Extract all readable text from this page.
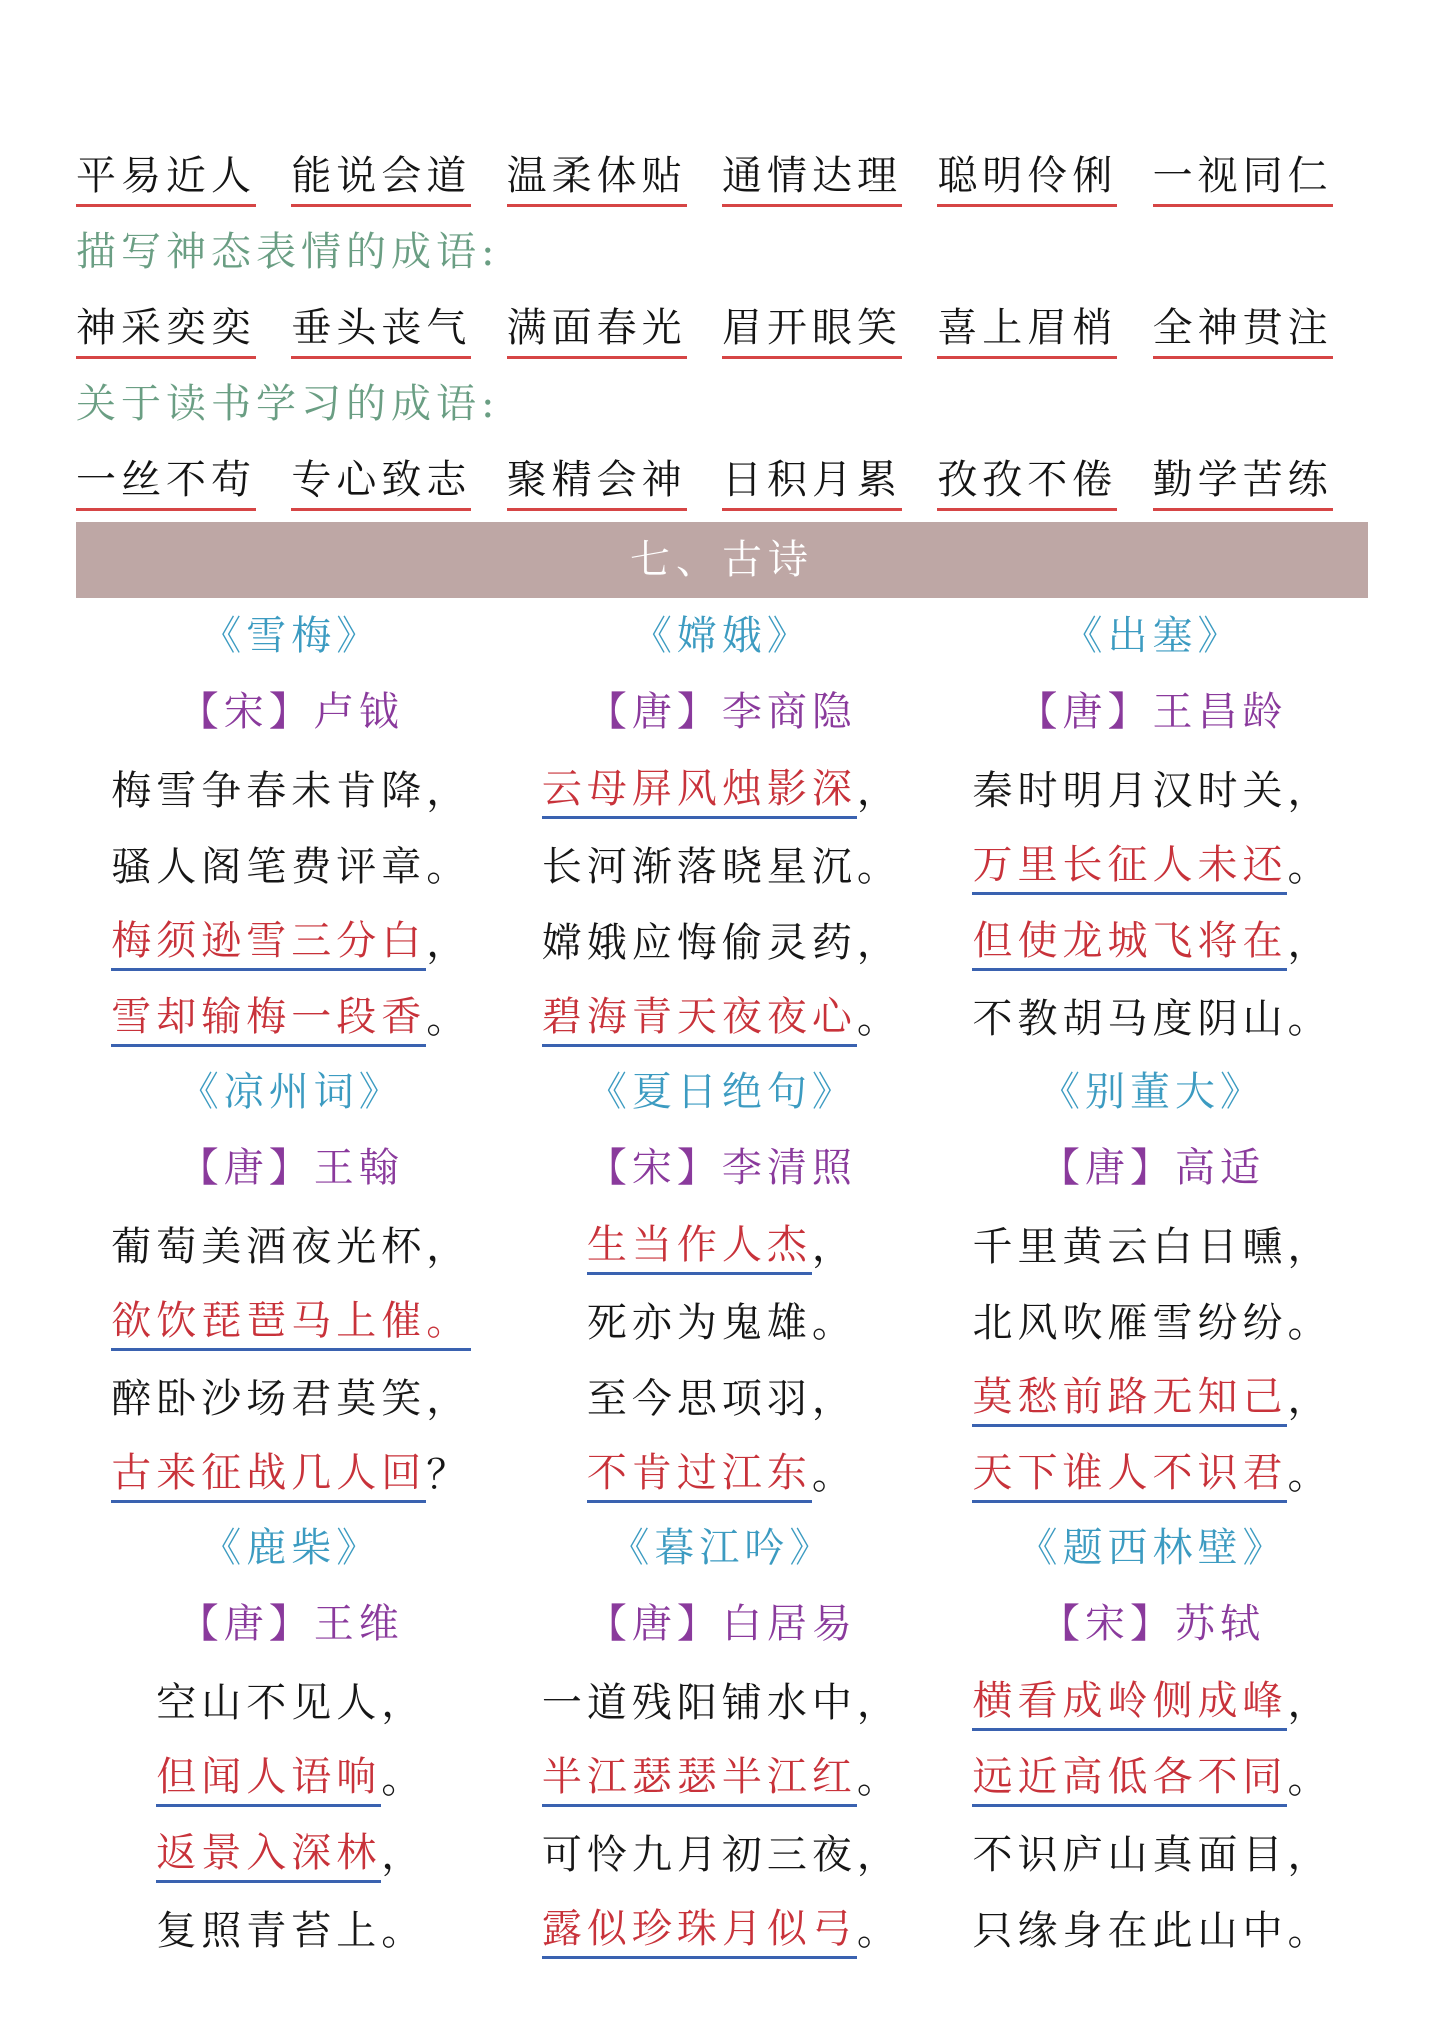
平易近人 能说会道 温柔体贴 通情达理 聪明伶俐 一视同仁
描写神态表情的成语:
神采奕奕 垂头丧气 满面春光 眉开眼笑 喜上眉梢 全神贯注
关于读书学习的成语:
一丝不苟 专心致志 聚精会神 日积月累 孜孜不倦 勤学苦练
七、古诗
《雪梅》
【宋】卢钺
梅雪争春未肯降，
骚人阁笔费评章。
梅须逊雪三分白，
雪却输梅一段香。
《嫦娥》
【唐】李商隐
云母屏风烛影深，
长河渐落晓星沉。
嫦娥应悔偷灵药，
碧海青天夜夜心。
《出塞》
【唐】王昌龄
秦时明月汉时关，
万里长征人未还。
但使龙城飞将在，
不教胡马度阴山。
《凉州词》
【唐】王翰
葡萄美酒夜光杯，
欲饮琵琶马上催。
醉卧沙场君莫笑，
古来征战几人回？
《夏日绝句》
【宋】李清照
生当作人杰，
死亦为鬼雄。
至今思项羽，
不肯过江东。
《别董大》
【唐】高适
千里黄云白日曛，
北风吹雁雪纷纷。
莫愁前路无知己，
天下谁人不识君。
《鹿柴》
【唐】王维
空山不见人，
但闻人语响。
返景入深林，
复照青苔上。
《暮江吟》
【唐】白居易
一道残阳铺水中，
半江瑟瑟半江红。
可怜九月初三夜，
露似珍珠月似弓。
《题西林壁》
【宋】苏轼
横看成岭侧成峰，
远近高低各不同。
不识庐山真面目，
只缘身在此山中。
